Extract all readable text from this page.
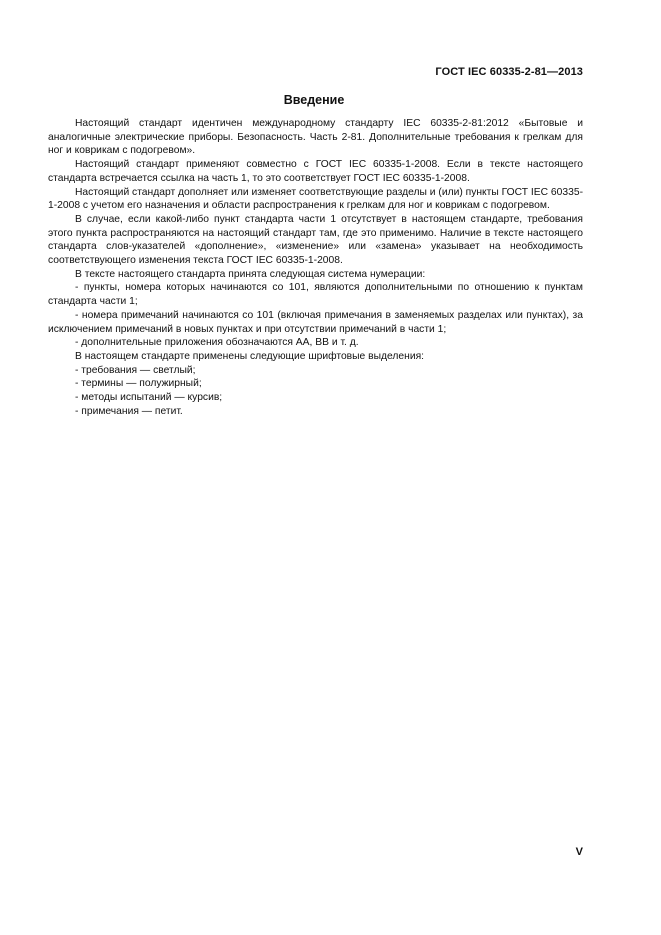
ГОСТ IEC 60335-2-81—2013
Введение

Настоящий стандарт идентичен международному стандарту IEC 60335-2-81:2012 «Бытовые и аналогичные электрические приборы. Безопасность. Часть 2-81. Дополнительные требования к грелкам для ног и коврикам с подогревом».

Настоящий стандарт применяют совместно с ГОСТ IEC 60335-1-2008. Если в тексте настоящего стандарта встречается ссылка на часть 1, то это соответствует ГОСТ IEC 60335-1-2008.

Настоящий стандарт дополняет или изменяет соответствующие разделы и (или) пункты ГОСТ IEC 60335-1-2008 с учетом его назначения и области распространения к грелкам для ног и коврикам с подогревом.

В случае, если какой-либо пункт стандарта части 1 отсутствует в настоящем стандарте, требования этого пункта распространяются на настоящий стандарт там, где это применимо. Наличие в тексте настоящего стандарта слов-указателей «дополнение», «изменение» или «замена» указывает на необходимость соответствующего изменения текста ГОСТ IEC 60335-1-2008.

В тексте настоящего стандарта принята следующая система нумерации:

- пункты, номера которых начинаются со 101, являются дополнительными по отношению к пунктам стандарта части 1;

- номера примечаний начинаются со 101 (включая примечания в заменяемых разделах или пунктах), за исключением примечаний в новых пунктах и при отсутствии примечаний в части 1;

- дополнительные приложения обозначаются АА, ВВ и т. д.

В настоящем стандарте применены следующие шрифтовые выделения:

- требования — светлый;

- термины — полужирный;

- методы испытаний — курсив;

- примечания — петит.

V
